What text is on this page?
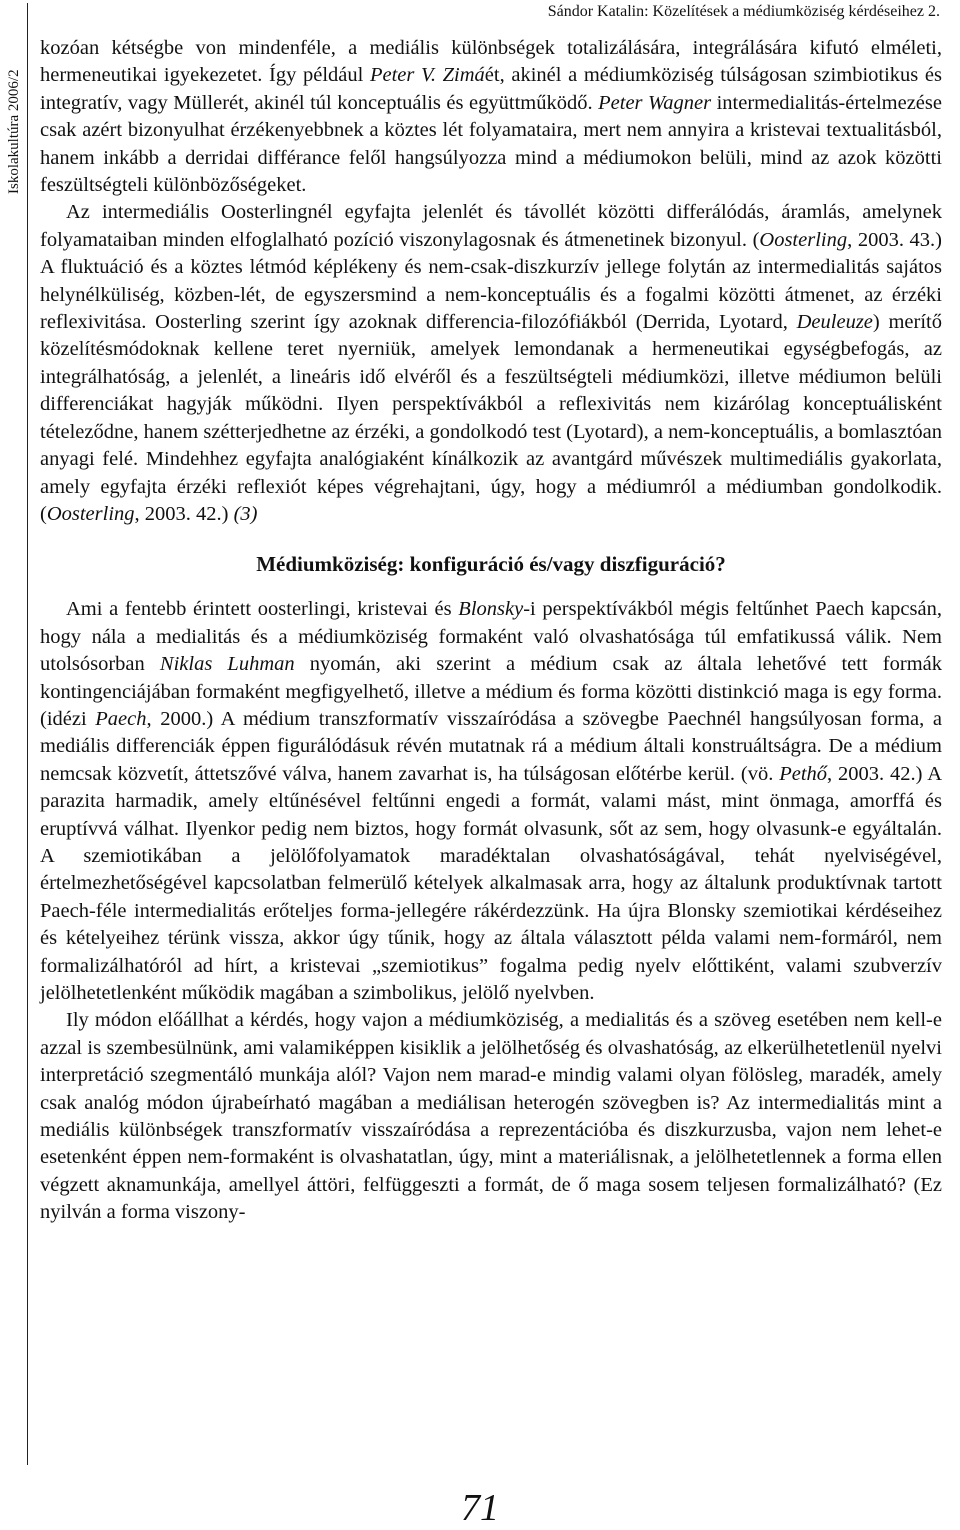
Iskolakultúra 2006/2
Sándor Katalin: Közelítések a médiumköziség kérdéseihez 2.

kozóan kétségbe von mindenféle, a mediális különbségek totalizálására, integrálására kifutó elméleti, hermeneutikai igyekezetet. Így például Peter V. Zimáét, akinél a médiumköziség túlságosan szimbiotikus és integratív, vagy Müllerét, akinél túl konceptuális és együttműködő. Peter Wagner intermedialitás-értelmezése csak azért bizonyulhat érzékenyebbnek a köztes lét folyamataira, mert nem annyira a kristevai textualitásból, hanem inkább a derridai différance felől hangsúlyozza mind a médiumokon belüli, mind az azok közötti feszültségteli különbözőségeket.

Az intermediális Oosterlingnél egyfajta jelenlét és távollét közötti differálódás, áramlás, amelynek folyamataiban minden elfoglalható pozíció viszonylagosnak és átmenetinek bizonyul. (Oosterling, 2003. 43.) A fluktuáció és a köztes létmód képlékeny és nem-csak-diszkurzív jellege folytán az intermedialitás sajátos helynélküliség, közben-lét, de egyszersmind a nem-konceptuális és a fogalmi közötti átmenet, az érzéki reflexivitása. Oosterling szerint így azoknak differencia-filozófiákból (Derrida, Lyotard, Deuleuze) merítő közelítésmódoknak kellene teret nyerniük, amelyek lemondanak a hermeneutikai egységbefogás, az integrálhatóság, a jelenlét, a lineáris idő elvéről és a feszültségteli médiumközi, illetve médiumon belüli differenciákat hagyják működni. Ilyen perspektívákból a reflexivitás nem kizárólag konceptuálisként tételeződne, hanem szétterjedhetne az érzéki, a gondolkodó test (Lyotard), a nem-konceptuális, a bomlasztóan anyagi felé. Mindehhez egyfajta analógiaként kínálkozik az avantgárd művészek multimediális gyakorlata, amely egyfajta érzéki reflexiót képes végrehajtani, úgy, hogy a médiumról a médiumban gondolkodik. (Oosterling, 2003. 42.) (3)

Médiumköziség: konfiguráció és/vagy diszfiguráció?

Ami a fentebb érintett oosterlingi, kristevai és Blonsky-i perspektívákból mégis feltűnhet Paech kapcsán, hogy nála a medialitás és a médiumköziség formaként való olvashatósága túl emfatikussá válik. Nem utolsósorban Niklas Luhman nyomán, aki szerint a médium csak az általa lehetővé tett formák kontingenciájában formaként megfigyelhető, illetve a médium és forma közötti distinkció maga is egy forma. (idézi Paech, 2000.) A médium transzformatív visszaíródása a szövegbe Paechnél hangsúlyosan forma, a mediális differenciák éppen figurálódásuk révén mutatnak rá a médium általi konstruáltságra. De a médium nemcsak közvetít, áttetszővé válva, hanem zavarhat is, ha túlságosan előtérbe kerül. (vö. Pethő, 2003. 42.) A parazita harmadik, amely eltűnésével feltűnni engedi a formát, valami mást, mint önmaga, amorffá és eruptívvá válhat. Ilyenkor pedig nem biztos, hogy formát olvasunk, sőt az sem, hogy olvasunk-e egyáltalán. A szemiotikában a jelölőfolyamatok maradéktalan olvashatóságával, tehát nyelviségével, értelmezhetőségével kapcsolatban felmerülő kételyek alkalmasak arra, hogy az általunk produktívnak tartott Paech-féle intermedialitás erőteljes forma-jellegére rákérdezzünk. Ha újra Blonsky szemiotikai kérdéseihez és kételyeihez térünk vissza, akkor úgy tűnik, hogy az általa választott példa valami nem-formáról, nem formalizálhatóról ad hírt, a kristevai „szemiotikus” fogalma pedig nyelv előttiként, valami szubverzív jelölhetetlenként működik magában a szimbolikus, jelölő nyelvben.

Ily módon előállhat a kérdés, hogy vajon a médiumköziség, a medialitás és a szöveg esetében nem kell-e azzal is szembesülnünk, ami valamiképpen kisiklik a jelölhetőség és olvashatóság, az elkerülhetetlenül nyelvi interpretáció szegmentáló munkája alól? Vajon nem marad-e mindig valami olyan fölösleg, maradék, amely csak analóg módon újrabeírható magában a mediálisan heterogén szövegben is? Az intermedialitás mint a mediális különbségek transzformatív visszaíródása a reprezentációba és diszkurzusba, vajon nem lehet-e esetenként éppen nem-formaként is olvashatatlan, úgy, mint a materiálisnak, a jelölhetetlennek a forma ellen végzett aknamunkája, amellyel áttöri, felfüggeszti a formát, de ő maga sosem teljesen formalizálható? (Ez nyilván a forma viszony-

71
